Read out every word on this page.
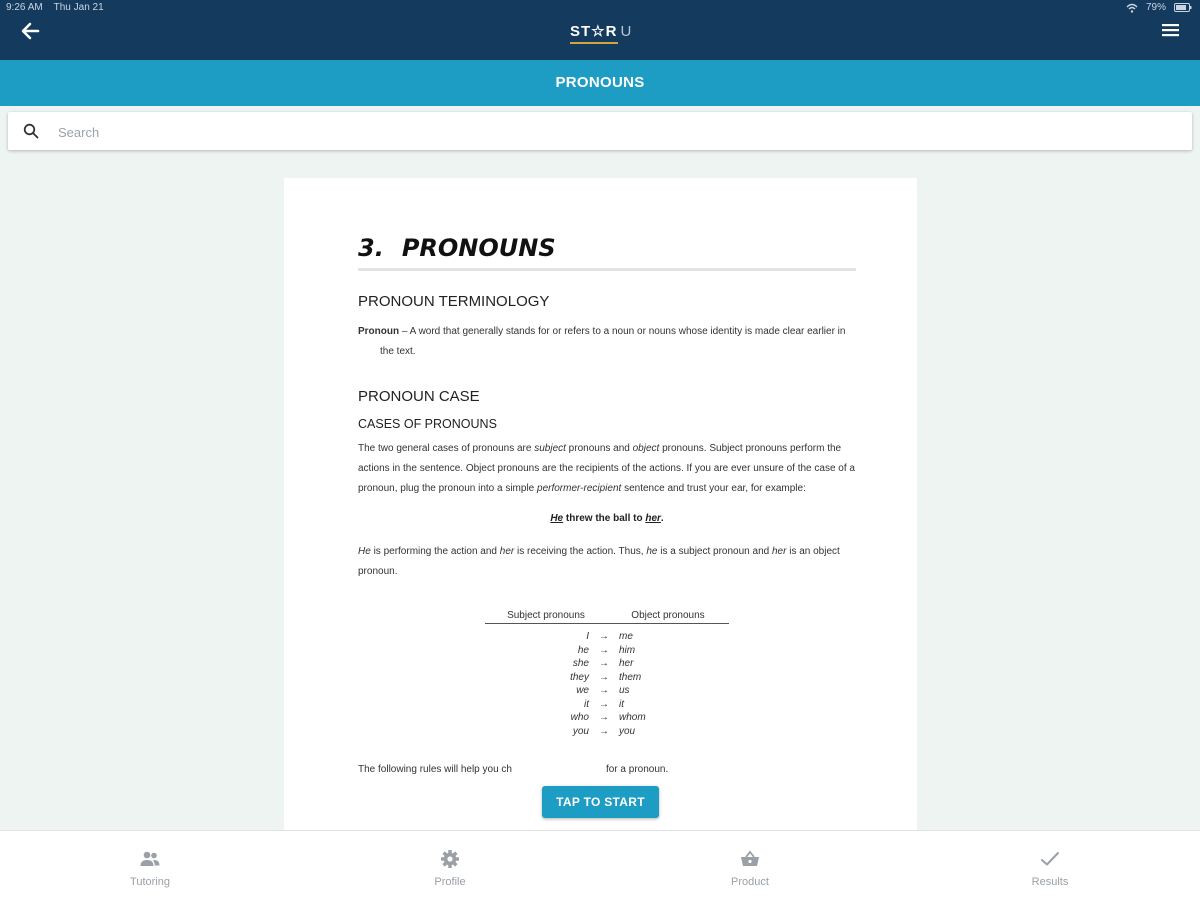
9:26 AM Thu Jan 21	79%
ST☆R U
PRONOUNS
Search
3. PRONOUNS
PRONOUN TERMINOLOGY

Pronoun – A word that generally stands for or refers to a noun or nouns whose identity is made clear earlier in the text.

PRONOUN CASE
CASES OF PRONOUNS

The two general cases of pronouns are subject pronouns and object pronouns. Subject pronouns perform the actions in the sentence. Object pronouns are the recipients of the actions. If you are ever unsure of the case of a pronoun, plug the pronoun into a simple performer-recipient sentence and trust your ear, for example:

He threw the ball to her.

He is performing the action and her is receiving the action. Thus, he is a subject pronoun and her is an object pronoun.

Subject pronouns	Object pronouns
I	→	me
he	→	him
she	→	her
they	→	them
we	→	us
it	→	it
who	→	whom
you	→	you

The following rules will help you ch	for a pronoun.

TAP TO START
Tutoring	Profile	Product	Results
